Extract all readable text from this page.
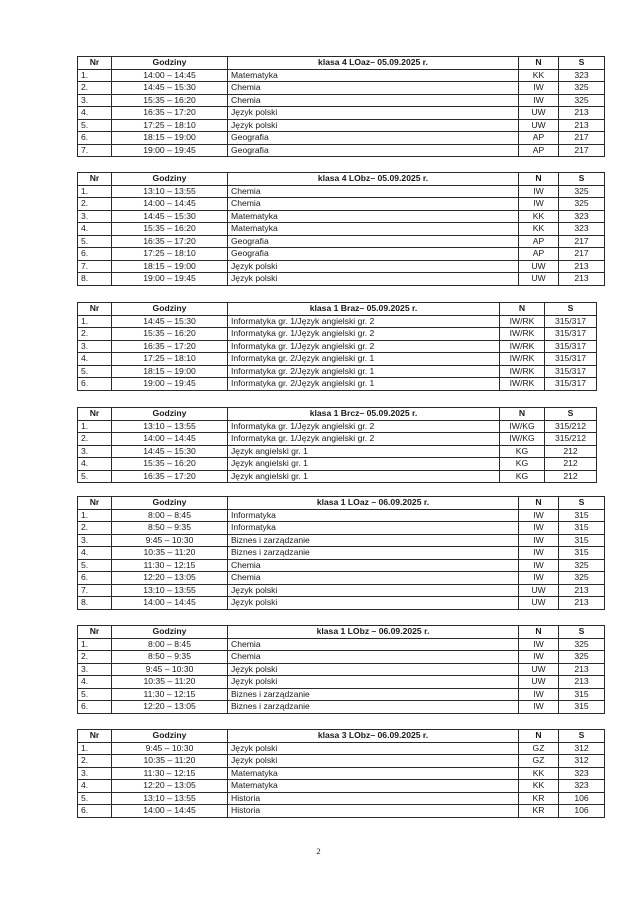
Nr	Godziny	klasa 4 LOaz– 05.09.2025 r.	N	S
1.	14:00 – 14:45	Matematyka	KK	323
2.	14:45 – 15:30	Chemia	IW	325
3.	15:35 – 16:20	Chemia	IW	325
4.	16:35 – 17:20	Język polski	UW	213
5.	17:25 – 18:10	Język polski	UW	213
6.	18:15 – 19:00	Geografia	AP	217
7.	19:00 – 19:45	Geografia	AP	217
Nr	Godziny	klasa 4 LObz– 05.09.2025 r.	N	S
1.	13:10 – 13:55	Chemia	IW	325
2.	14:00 – 14:45	Chemia	IW	325
3.	14:45 – 15:30	Matematyka	KK	323
4.	15:35 – 16:20	Matematyka	KK	323
5.	16:35 – 17:20	Geografia	AP	217
6.	17:25 – 18:10	Geografia	AP	217
7.	18:15 – 19:00	Język polski	UW	213
8.	19:00 – 19:45	Język polski	UW	213
Nr	Godziny	klasa 1 Braz– 05.09.2025 r.	N	S
1.	14:45 – 15:30	Informatyka gr. 1/Język angielski gr. 2	IW/RK	315/317
2.	15:35 – 16:20	Informatyka gr. 1/Język angielski gr. 2	IW/RK	315/317
3.	16:35 – 17:20	Informatyka gr. 1/Język angielski gr. 2	IW/RK	315/317
4.	17:25 – 18:10	Informatyka gr. 2/Język angielski gr. 1	IW/RK	315/317
5.	18:15 – 19:00	Informatyka gr. 2/Język angielski gr. 1	IW/RK	315/317
6.	19:00 – 19:45	Informatyka gr. 2/Język angielski gr. 1	IW/RK	315/317
Nr	Godziny	klasa 1 Brcz– 05.09.2025 r.	N	S
1.	13:10 – 13:55	Informatyka gr. 1/Język angielski gr. 2	IW/KG	315/212
2.	14:00 – 14:45	Informatyka gr. 1/Język angielski gr. 2	IW/KG	315/212
3.	14:45 – 15:30	Język angielski gr. 1	KG	212
4.	15:35 – 16:20	Język angielski gr. 1	KG	212
5.	16:35 – 17:20	Język angielski gr. 1	KG	212
Nr	Godziny	klasa 1 LOaz – 06.09.2025 r.	N	S
1.	8:00 – 8:45	Informatyka	IW	315
2.	8:50 – 9:35	Informatyka	IW	315
3.	9:45 – 10:30	Biznes i zarządzanie	IW	315
4.	10:35 – 11:20	Biznes i zarządzanie	IW	315
5.	11:30 – 12:15	Chemia	IW	325
6.	12:20 – 13:05	Chemia	IW	325
7.	13:10 – 13:55	Język polski	UW	213
8.	14:00 – 14:45	Język polski	UW	213
Nr	Godziny	klasa 1 LObz – 06.09.2025 r.	N	S
1.	8:00 – 8:45	Chemia	IW	325
2.	8:50 – 9:35	Chemia	IW	325
3.	9:45 – 10:30	Język polski	UW	213
4.	10:35 – 11:20	Język polski	UW	213
5.	11:30 – 12:15	Biznes i zarządzanie	IW	315
6.	12:20 – 13:05	Biznes i zarządzanie	IW	315
Nr	Godziny	klasa 3 LObz– 06.09.2025 r.	N	S
1.	9:45 – 10:30	Język polski	GZ	312
2.	10:35 – 11:20	Język polski	GZ	312
3.	11:30 – 12:15	Matematyka	KK	323
4.	12:20 – 13:05	Matematyka	KK	323
5.	13:10 – 13:55	Historia	KR	106
6.	14:00 – 14:45	Historia	KR	106
2
